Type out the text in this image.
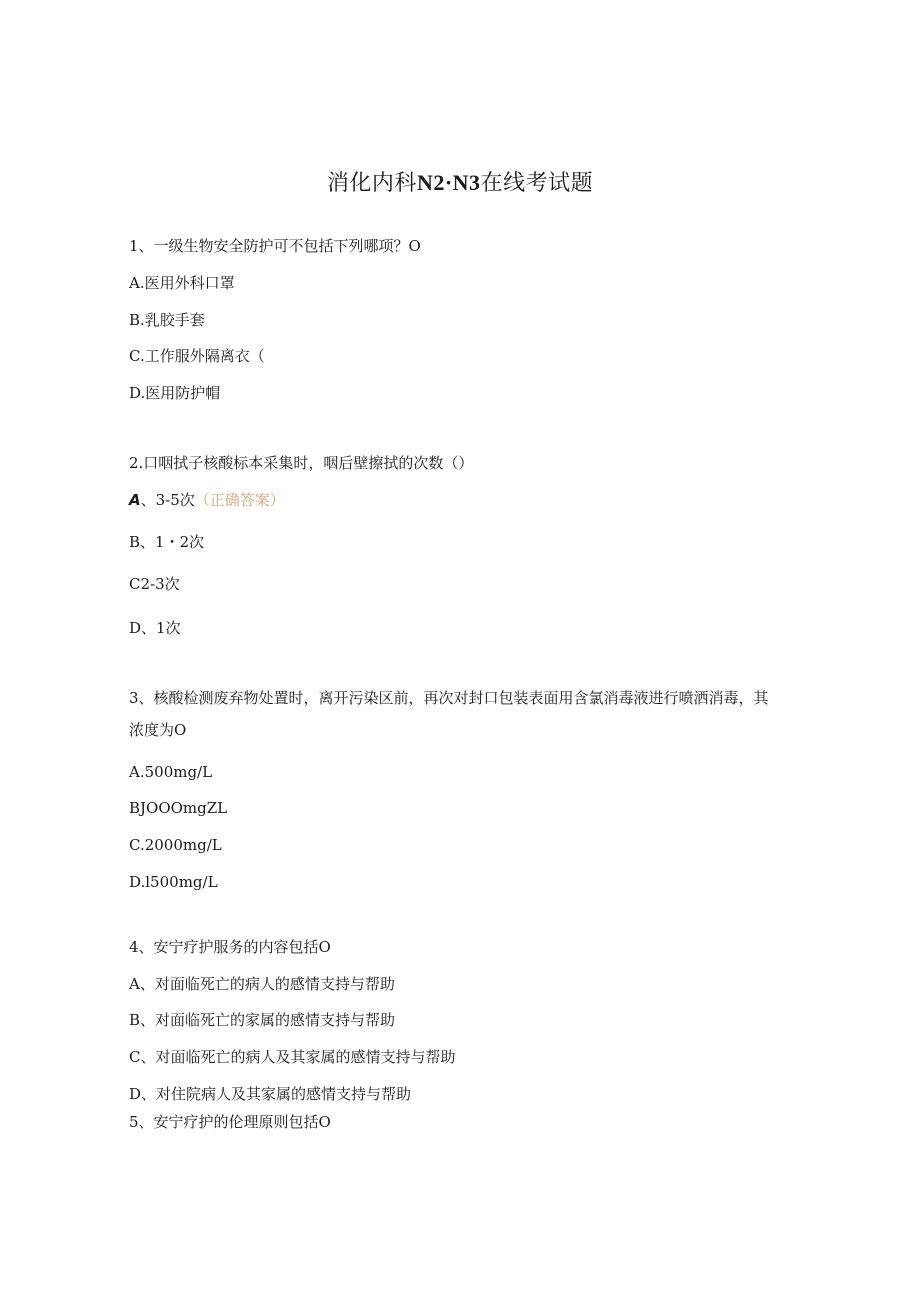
消化内科N2·N3在线考试题

1、一级生物安全防护可不包括下列哪项？O

A.医用外科口罩

B.乳胶手套

C.工作服外隔离衣（

D.医用防护帽

2.口咽拭子核酸标本采集时，咽后壁擦拭的次数（）

A、3-5次（正确答案）

B、1・2次

C2-3次

D、1次

3、核酸检测废弃物处置时，离开污染区前，再次对封口包装表面用含氯消毒液进行喷洒消毒，其浓度为O

A.500mg∕L

BJOOOmgZL

C.2000mg∕L

D.l500mg∕L

4、安宁疗护服务的内容包括O

A、对面临死亡的病人的感情支持与帮助

B、对面临死亡的家属的感情支持与帮助

C、对面临死亡的病人及其家属的感情支持与帮助

D、对住院病人及其家属的感情支持与帮助

5、安宁疗护的伦理原则包括O
